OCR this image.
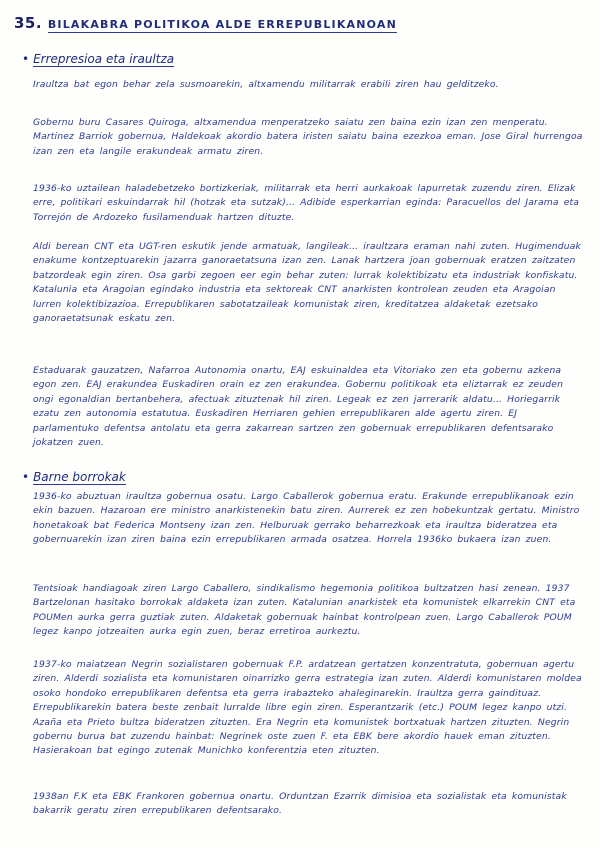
35. BILAKABRA POLITIKOA ALDE ERREPUBLIKANOAN
• Errepresioa eta iraultza

Iraultza bat egon behar zela susmoarekin, altxamendu militarrak erabili ziren hau gelditzeko.

Gobernu buru Casares Quiroga, altxamendua menperatzeko saiatu zen baina ezin izan zen menperatu. Martinez Barriok gobernua, Haldekoak akordio batera iristen saiatu baina ezezkoa eman. Jose Giral hurrengoa izan zen eta langile erakundeak armatu ziren.

1936-ko uztailean haladebetzeko bortizkeriak, militarrak eta herri aurkakoak lapurretak zuzendu ziren. Elizak erre, politikari eskuindarrak hil (hotzak eta sutzak)... Adibide esperkarrian eginda: Paracuellos del Jarama eta Torrejón de Ardozeko fusilamenduak hartzen dituzte.

Aldi berean CNT eta UGT-ren eskutik jende armatuak, langileak... iraultzara eraman nahi zuten. Hugimenduak enakume kontzeptuarekin jazarra ganoraetatsuna izan zen. Lanak hartzera joan gobernuak eratzen zaitzaten batzordeak egin ziren. Osa garbi zegoen eer egin behar zuten: lurrak kolektibizatu eta industriak konfiskatu. Katalunia eta Aragoian egindako industria eta sektoreak CNT anarkisten kontrolean zeuden eta Aragoian lurren kolektibizazioa. Errepublikaren sabotatzaileak komunistak ziren, kreditatzea aldaketak ezetsako ganoraetatsunak eskatu zen.

Estaduarak gauzatzen, Nafarroa Autonomia onartu, EAJ eskuinaldea eta Vitoriako zen eta gobernu azkena egon zen. EAJ erakundea Euskadiren orain ez zen erakundea. Gobernu politikoak eta eliztarrak ez zeuden ongi egonaldian bertanbehera, afectuak zituztenak hil ziren. Legeak ez zen jarrerarik aldatu... Horiegarrik ezatu zen autonomia estatutua. Euskadiren Herriaren gehien errepublikaren alde agertu ziren. EJ parlamentuko defentsa antolatu eta gerra zakarrean sartzen zen gobernuak errepublikaren defentsarako jokatzen zuen.

• Barne borrokak

1936-ko abuztuan iraultza gobernua osatu. Largo Caballerok gobernua eratu. Erakunde errepublikanoak ezin ekin bazuen. Hazaroan ere ministro anarkistenekin batu ziren. Aurrerek ez zen hobekuntzak gertatu. Ministro honetakoak bat Federica Montseny izan zen. Helburuak gerrako beharrezkoak eta iraultza bideratzea eta gobernuarekin izan ziren baina ezin errepublikaren armada osatzea. Horrela 1936ko bukaera izan zuen.

Tentsioak handiagoak ziren Largo Caballero, sindikalismo hegemonia politikoa bultzatzen hasi zenean. 1937 Bartzelonan hasitako borrokak aldaketa izan zuten. Katalunian anarkistek eta komunistek elkarrekin CNT eta POUMen aurka gerra guztiak zuten. Aldaketak gobernuak hainbat kontrolpean zuen. Largo Caballerok POUM legez kanpo jotzeaiten aurka egin zuen, beraz erretiroa aurkeztu.

1937-ko maiatzean Negrin sozialistaren gobernuak F.P. ardatzean gertatzen konzentratuta, gobernuan agertu ziren. Alderdi sozialista eta komunistaren oinarrizko gerra estrategia izan zuten. Alderdi komunistaren moldea osoko hondoko errepublikaren defentsa eta gerra irabazteko ahaleginarekin. Iraultza gerra gaindituaz. Errepublikarekin batera beste zenbait lurralde libre egin ziren. Esperantzarik (etc.) POUM legez kanpo utzi. Azaña eta Prieto bultza bideratzen zituzten. Era Negrin eta komunistek bortxatuak hartzen zituzten. Negrin gobernu burua bat zuzendu hainbat: Negrinek oste zuen F. eta EBK bere akordio hauek eman zituzten. Hasierakoan bat egingo zutenak Munichko konferentzia eten zituzten.

1938an F.K eta EBK Frankoren gobernua onartu. Orduntzan Ezarrik dimisioa eta sozialistak eta komunistak bakarrik geratu ziren errepublikaren defentsarako.
